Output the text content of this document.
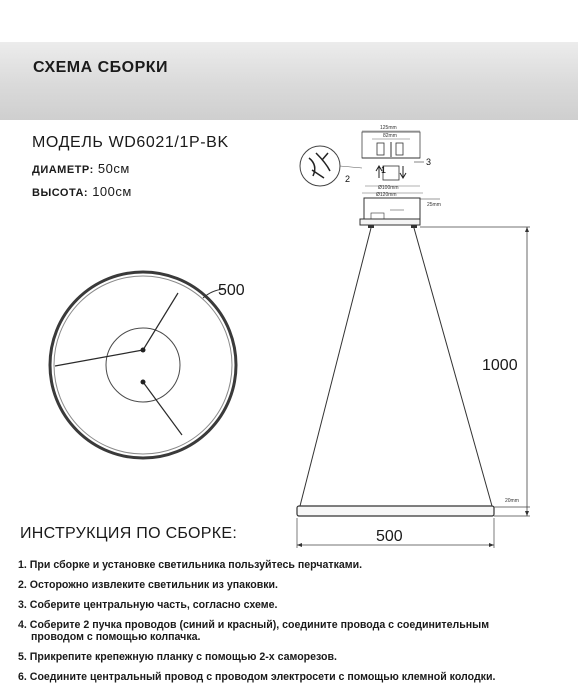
СХЕМА СБОРКИ
МОДЕЛЬ WD6021/1P-BK
ДИАМЕТР: 50см
ВЫСОТА: 100см
500
125mm
82mm
1
3
2
Ø100mm
Ø120mm
25mm
1000
20mm
500
ИНСТРУКЦИЯ ПО СБОРКЕ:
1. При сборке и установке светильника пользуйтесь перчатками.
2. Осторожно извлеките светильник из упаковки.
3. Соберите центральную часть, согласно схеме.
4. Соберите 2 пучка проводов (синий и красный), соедините провода с соединительным
проводом с помощью колпачка.
5. Прикрепите крепежную планку с помощью 2-х саморезов.
6. Соедините центральный провод с проводом электросети с помощью клемной колодки.
